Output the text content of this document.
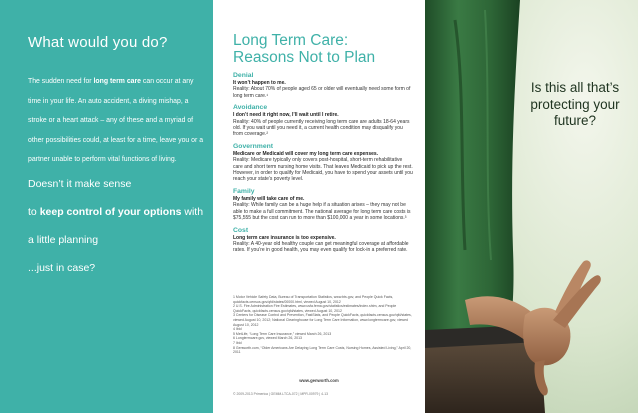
What would you do?
The sudden need for long term care can occur at any time in your life. An auto accident, a diving mishap, a stroke or a heart attack – any of these and a myriad of other possibilities could, at least for a time, leave you or a partner unable to perform vital functions of living.
Doesn’t it make sense
to keep control of your options with a little planning
...just in case?
Long Term Care: Reasons Not to Plan
Denial
It won’t happen to me.
Reality: About 70% of people aged 65 or older will eventually need some form of long term care.¹
Avoidance
I don’t need it right now, I’ll wait until I retire.
Reality: 40% of people currently receiving long term care are adults 18-64 years old. If you wait until you need it, a current health condition may disqualify you from coverage.²
Government
Medicare or Medicaid will cover my long term care expenses.
Reality: Medicare typically only covers post-hospital, short-term rehabilitative care and short term nursing home visits. That leaves Medicaid to pick up the rest. However, in order to qualify for Medicaid, you have to spend your assets until you reach your state’s poverty level.
Family
My family will take care of me.
Reality: While family can be a huge help if a situation arises – they may not be able to make a full commitment. The national average for long term care costs is $75,555 but the cost can run to more than $100,000 a year in some locations.³
Cost
Long term care insurance is too expensive.
Reality: A 40-year old healthy couple can get meaningful coverage at affordable rates. If you’re in good health, you may even qualify for lock-in a preferred rate.
1 Motor Vehicle Safety Data, Bureau of Transportation Statistics, www.bts.gov, and People Quick Facts, quickfacts.census.gov/qfd/states/00000.html, viewed August 10, 2012
2 U.S. Fire Administration Fire Estimates, www.usfa.fema.gov/statistics/estimates/index.shtm, and People QuickFacts, quickfacts.census.gov/qfd/states, viewed August 10, 2012
3 Centers for Disease Control and Prevention, FastStats, and People QuickFacts, quickfacts.census.gov/qfd/states, viewed August 10, 2012; National Clearinghouse for Long Term Care Information, www.longtermcare.gov, viewed August 10, 2012
4 Ibid
5 MetLife, “Long Term Care Insurance,” viewed March 26, 2013
6 Longtermcare.gov, viewed March 26, 2013
7 Ibid
8 Genworth.com, “Older Americans Are Delaying Long Term Care Costs, Nursing Homes, Assisted Living,” April 20, 2011
www.genworth.com
© 2009-2013 Primerica | GEMM-LTCA-072 | MPR-00979 | 4-13
Is this all that’s protecting your future?
